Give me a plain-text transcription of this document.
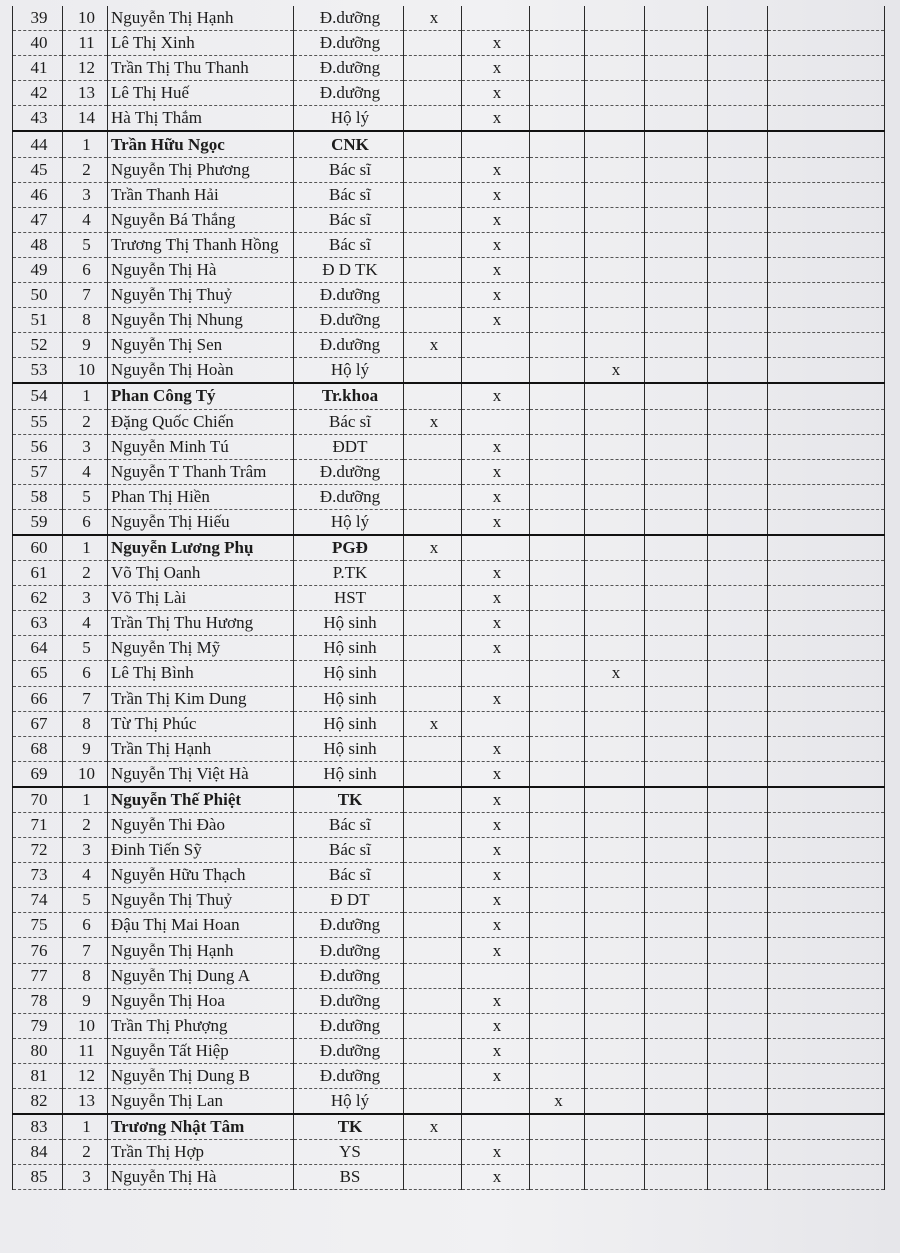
39	10	Nguyễn Thị Hạnh	Đ.dưỡng	x						
40	11	Lê Thị Xinh	Đ.dưỡng		x					
41	12	Trần Thị Thu Thanh	Đ.dưỡng		x					
42	13	Lê Thị Huế	Đ.dưỡng		x					
43	14	Hà Thị Thắm	Hộ lý		x					
44	1	Trần Hữu Ngọc	CNK							
45	2	Nguyễn Thị Phương	Bác sĩ		x					
46	3	Trần Thanh Hải	Bác sĩ		x					
47	4	Nguyễn Bá Thắng	Bác sĩ		x					
48	5	Trương Thị Thanh Hồng	Bác sĩ		x					
49	6	Nguyễn Thị Hà	Đ D TK		x					
50	7	Nguyễn Thị Thuỷ	Đ.dưỡng		x					
51	8	Nguyễn Thị Nhung	Đ.dưỡng		x					
52	9	Nguyễn Thị Sen	Đ.dưỡng	x						
53	10	Nguyễn Thị Hoàn	Hộ lý				x			
54	1	Phan Công Tý	Tr.khoa		x					
55	2	Đặng Quốc Chiến	Bác sĩ	x						
56	3	Nguyễn Minh Tú	ĐDT		x					
57	4	Nguyễn T Thanh Trâm	Đ.dưỡng		x					
58	5	Phan Thị Hiền	Đ.dưỡng		x					
59	6	Nguyễn Thị Hiếu	Hộ lý		x					
60	1	Nguyễn Lương Phụ	PGĐ	x						
61	2	Võ Thị Oanh	P.TK		x					
62	3	Võ Thị Lài	HST		x					
63	4	Trần Thị Thu Hương	Hộ sinh		x					
64	5	Nguyễn Thị Mỹ	Hộ sinh		x					
65	6	Lê Thị Bình	Hộ sinh				x			
66	7	Trần Thị Kim Dung	Hộ sinh		x					
67	8	Từ Thị Phúc	Hộ sinh	x						
68	9	Trần Thị Hạnh	Hộ sinh		x					
69	10	Nguyễn Thị Việt Hà	Hộ sinh		x					
70	1	Nguyễn Thế Phiệt	TK		x					
71	2	Nguyễn Thi Đào	Bác sĩ		x					
72	3	Đinh Tiến Sỹ	Bác sĩ		x					
73	4	Nguyễn Hữu Thạch	Bác sĩ		x					
74	5	Nguyễn Thị Thuỷ	Đ DT		x					
75	6	Đậu Thị Mai Hoan	Đ.dưỡng		x					
76	7	Nguyễn Thị Hạnh	Đ.dưỡng		x					
77	8	Nguyễn Thị Dung A	Đ.dưỡng							
78	9	Nguyễn Thị Hoa	Đ.dưỡng		x					
79	10	Trần Thị Phượng	Đ.dưỡng		x					
80	11	Nguyễn Tất Hiệp	Đ.dưỡng		x					
81	12	Nguyễn Thị Dung B	Đ.dưỡng		x					
82	13	Nguyễn Thị Lan	Hộ lý			x				
83	1	Trương Nhật Tâm	TK	x						
84	2	Trần Thị Hợp	YS		x					
85	3	Nguyễn Thị Hà	BS		x					
